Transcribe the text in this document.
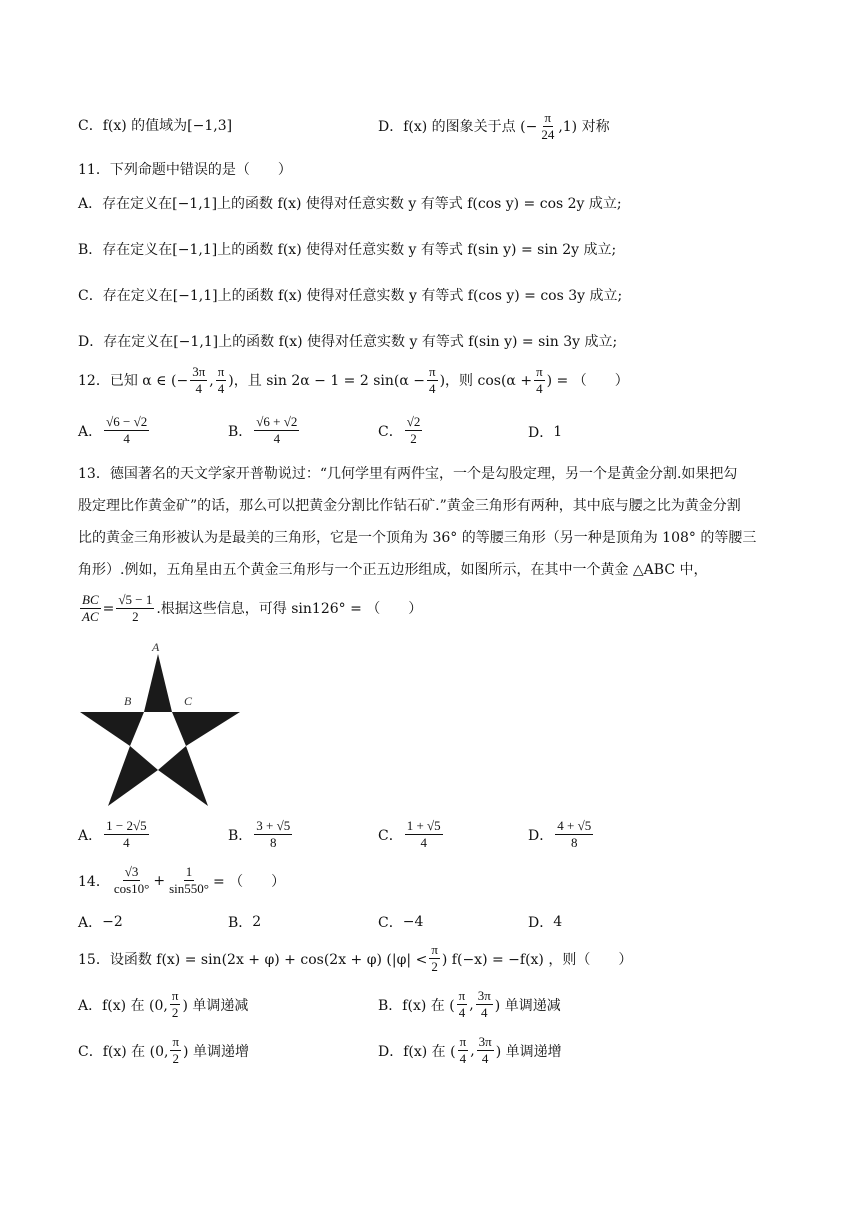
C．f(x) 的值域为[−1,3]	D． f(x) 的图象关于点 (− $\frac{\pi}{24} ,1$) 对称
11．下列命题中错误的是（　　）
A．存在定义在[−1,1]上的函数 f(x) 使得对任意实数 y 有等式 f(cos y) = cos 2y 成立;
B．存在定义在[−1,1]上的函数 f(x) 使得对任意实数 y 有等式 f(sin y) = sin 2y 成立;
C．存在定义在[−1,1]上的函数 f(x) 使得对任意实数 y 有等式 f(cos y) = cos 3y 成立;
D．存在定义在[−1,1]上的函数 f(x) 使得对任意实数 y 有等式 f(sin y) = sin 3y 成立;
12．已知 α ∈ (− $\frac{3\pi}{4}$ , $\frac{\pi}{4}$ )，且 sin 2α − 1 = 2 $\sin(\alpha - \frac{\pi}{4}$ )，则 $\cos(\alpha + \frac{\pi}{4}$ ) = （　　）
A． $\frac{√6 - √2}{4}$	B． $\frac{√6 + √2}{4}$	C． $\frac{√2}{2}$	D． 1
13．德国著名的天文学家开普勒说过：“几何学里有两件宝，一个是勾股定理，另一个是黄金分割.如果把勾
股定理比作黄金矿”的话，那么可以把黄金分割比作钻石矿.”黄金三角形有两种，其中底与腰之比为黄金分割
比的黄金三角形被认为是最美的三角形，它是一个顶角为 36° 的等腰三角形（另一种是顶角为 108° 的等腰三
角形）.例如，五角星由五个黄金三角形与一个正五边形组成，如图所示，在其中一个黄金 △ABC 中，
$\frac{BC}{AC} = \frac{√5 - 1}{2}$ .根据这些信息，可得 sin126° = （　　）
A
B	C
A． $\frac{1 - 2√5}{4}$	B． $\frac{3 + √5}{8}$	C． $\frac{1 + √5}{4}$	D． $\frac{4 + √5}{8}$
14． $\frac{√3}{\cos 10^\circ} + \frac{1}{\sin 550^\circ}$ = （　　）
A． −2	B． 2	C． −4	D． 4
15．设函数 f(x) = sin(2x + φ) + cos(2x + φ) ($|\varphi| < \frac{\pi}{2}$ ) f(−x) = −f(x) ，则（　　）
A． f(x) 在 (0, $\frac{\pi}{2}$ ) 单调递减	B． f(x) 在 ( $\frac{\pi}{4}$ , $\frac{3\pi}{4}$ ) 单调递减
C． f(x) 在 (0, $\frac{\pi}{2}$ ) 单调递增	D． f(x) 在 ( $\frac{\pi}{4}$ , $\frac{3\pi}{4}$ ) 单调递增
